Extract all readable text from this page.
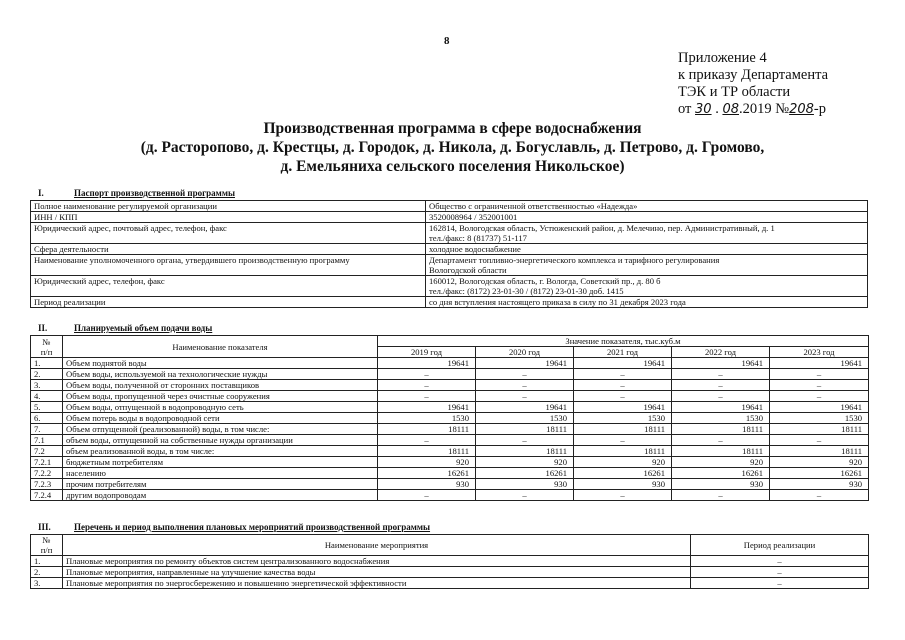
8
Приложение 4
к приказу Департамента
ТЭК и ТР области
от 30 . 08.2019 №208-р
Производственная программа в сфере водоснабжения
(д. Расторопово, д. Крестцы, д. Городок, д. Никола, д. Богуславль, д. Петрово, д. Громово,
д. Емельяниха сельского поселения Никольское)
I.	Паспорт производственной программы
Полное наименование регулируемой организации	Общество с ограниченной ответственностью «Надежда»

ИНН / КПП	3520008964 / 352001001

Юридический адрес, почтовый адрес, телефон, факс	162814, Вологодская область, Устюженский район, д. Мелечино, пер. Административный, д. 1
тел./факс: 8 (81737) 51-117

Сфера деятельности	холодное водоснабжение

Наименование уполномоченного органа, утвердившего производственную программу	Департамент топливно-энергетического комплекса и тарифного регулирования
Вологодской области

Юридический адрес, телефон, факс	160012, Вологодская область, г. Вологда, Советский пр., д. 80 б
тел./факс: (8172) 23-01-30 / (8172) 23-01-30 доб. 1415

Период реализации	со дня вступления настоящего приказа в силу по 31 декабря 2023 года
II.	Планируемый объем подачи воды
№
п/п	Наименование показателя	Значение показателя, тыс.куб.м				
		2019 год	2020 год	2021 год	2022 год	2023 год
1.	Объем поднятой воды	19641	19641	19641	19641	19641
2.	Объем воды, используемой на технологические нужды	–	–	–	–	–
3.	Объем воды, полученной от сторонних поставщиков	–	–	–	–	–
4.	Объем воды, пропущенной через очистные сооружения	–	–	–	–	–
5.	Объем воды, отпущенной в водопроводную сеть	19641	19641	19641	19641	19641
6.	Объем потерь воды в водопроводной сети	1530	1530	1530	1530	1530
7.	Объем отпущенной (реализованной) воды, в том числе:	18111	18111	18111	18111	18111
7.1	объем воды, отпущенной на собственные нужды организации	–	–	–	–	–
7.2	объем реализованной воды, в том числе:	18111	18111	18111	18111	18111
7.2.1	бюджетным потребителям	920	920	920	920	920
7.2.2	населению	16261	16261	16261	16261	16261
7.2.3	прочим потребителям	930	930	930	930	930
7.2.4	другим водопроводам	–	–	–	–	–
III.	Перечень и период выполнения плановых мероприятий производственной программы
№
п/п	Наименование мероприятия	Период реализации
1.	Плановые мероприятия по ремонту объектов систем централизованного водоснабжения	–
2.	Плановые мероприятия, направленные на улучшение качества воды	–
3.	Плановые мероприятия по энергосбережению и повышению энергетической эффективности	–
